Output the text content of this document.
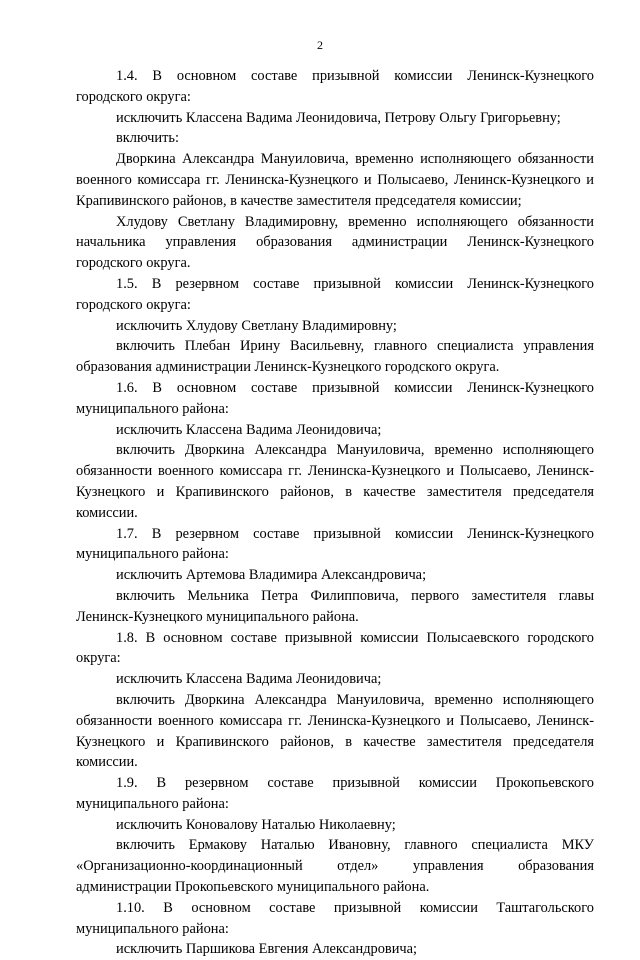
2

1.4. В основном составе призывной комиссии Ленинск-Кузнецкого городского округа:

исключить Классена Вадима Леонидовича, Петрову Ольгу Григорьевну;

включить:

Дворкина Александра Мануиловича, временно исполняющего обязанности военного комиссара гг. Ленинска-Кузнецкого и Полысаево, Ленинск-Кузнецкого и Крапивинского районов, в качестве заместителя председателя комиссии;

Хлудову Светлану Владимировну, временно исполняющего обязанности начальника управления образования администрации Ленинск-Кузнецкого городского округа.

1.5. В резервном составе призывной комиссии Ленинск-Кузнецкого городского округа:

исключить Хлудову Светлану Владимировну;

включить Плебан Ирину Васильевну, главного специалиста управления образования администрации Ленинск-Кузнецкого городского округа.

1.6. В основном составе призывной комиссии Ленинск-Кузнецкого муниципального района:

исключить Классена Вадима Леонидовича;

включить Дворкина Александра Мануиловича, временно исполняющего обязанности военного комиссара гг. Ленинска-Кузнецкого и Полысаево, Ленинск-Кузнецкого и Крапивинского районов, в качестве заместителя председателя комиссии.

1.7. В резервном составе призывной комиссии Ленинск-Кузнецкого муниципального района:

исключить Артемова Владимира Александровича;

включить Мельника Петра Филипповича, первого заместителя главы Ленинск-Кузнецкого муниципального района.

1.8. В основном составе призывной комиссии Полысаевского городского округа:

исключить Классена Вадима Леонидовича;

включить Дворкина Александра Мануиловича, временно исполняющего обязанности военного комиссара гг. Ленинска-Кузнецкого и Полысаево, Ленинск-Кузнецкого и Крапивинского районов, в качестве заместителя председателя комиссии.

1.9. В резервном составе призывной комиссии Прокопьевского муниципального района:

исключить Коновалову Наталью Николаевну;

включить Ермакову Наталью Ивановну, главного специалиста МКУ «Организационно-координационный отдел» управления образования администрации Прокопьевского муниципального района.

1.10. В основном составе призывной комиссии Таштагольского муниципального района:

исключить Паршикова Евгения Александровича;
